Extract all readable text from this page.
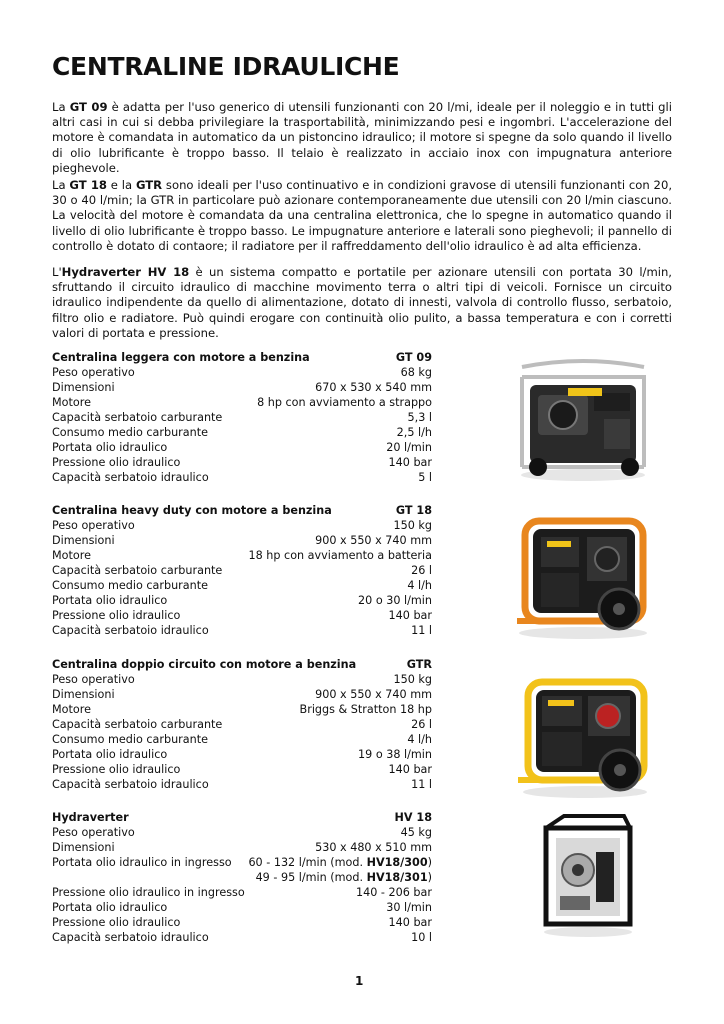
CENTRALINE IDRAULICHE

La GT 09 è adatta per l'uso generico di utensili funzionanti con 20 l/mi, ideale per il noleggio e in tutti gli altri casi in cui si debba privilegiare la trasportabilità, minimizzando pesi e ingombri. L'accelerazione del motore è comandata in automatico da un pistoncino idraulico; il motore si spegne da solo quando il livello di olio lubrificante è troppo basso. Il telaio è realizzato in acciaio inox con impugnatura anteriore pieghevole.

La GT 18 e la GTR sono ideali per l'uso continuativo e in condizioni gravose di utensili funzionanti con 20, 30 o 40 l/min; la GTR in particolare può azionare contemporaneamente due utensili con 20 l/min ciascuno. La velocità del motore è comandata da una centralina elettronica, che lo spegne in automatico quando il livello di olio lubrificante è troppo basso. Le impugnature anteriore e laterali sono pieghevoli; il pannello di controllo è dotato di contaore; il radiatore per il raffreddamento dell'olio idraulico è ad alta efficienza.

L'Hydraverter HV 18 è un sistema compatto e portatile per azionare utensili con portata 30 l/min, sfruttando il circuito idraulico di macchine movimento terra o altri tipi di veicoli. Fornisce un circuito idraulico indipendente da quello di alimentazione, dotato di innesti, valvola di controllo flusso, serbatoio, filtro olio e radiatore. Può quindi erogare con continuità olio pulito, a bassa temperatura e con i corretti valori di portata e pressione.

Centralina leggera con motore a benzina	GT 09
Peso operativo	68 kg
Dimensioni	670 x 530 x 540 mm
Motore	8 hp con avviamento a strappo
Capacità serbatoio carburante	5,3 l
Consumo medio carburante	2,5 l/h
Portata olio idraulico	20 l/min
Pressione olio idraulico	140 bar
Capacità serbatoio idraulico	5 l
Centralina heavy duty con motore a benzina	GT 18
Peso operativo	150 kg
Dimensioni	900 x 550 x 740 mm
Motore	18 hp con avviamento a batteria
Capacità serbatoio carburante	26 l
Consumo medio carburante	4 l/h
Portata olio idraulico	20 o 30 l/min
Pressione olio idraulico	140 bar
Capacità serbatoio idraulico	11 l
Centralina doppio circuito con motore a benzina	GTR
Peso operativo	150 kg
Dimensioni	900 x 550 x 740 mm
Motore	Briggs & Stratton 18 hp
Capacità serbatoio carburante	26 l
Consumo medio carburante	4 l/h
Portata olio idraulico	19 o 38 l/min
Pressione olio idraulico	140 bar
Capacità serbatoio idraulico	11 l
Hydraverter	HV 18
Peso operativo	45 kg
Dimensioni	530 x 480 x 510 mm
Portata olio idraulico in ingresso 60 - 132 l/min (mod. HV18/300)
49 - 95 l/min (mod. HV18/301)
Pressione olio idraulico in ingresso	140 - 206 bar
Portata olio idraulico	30 l/min
Pressione olio idraulico	140 bar
Capacità serbatoio idraulico	10 l
1
